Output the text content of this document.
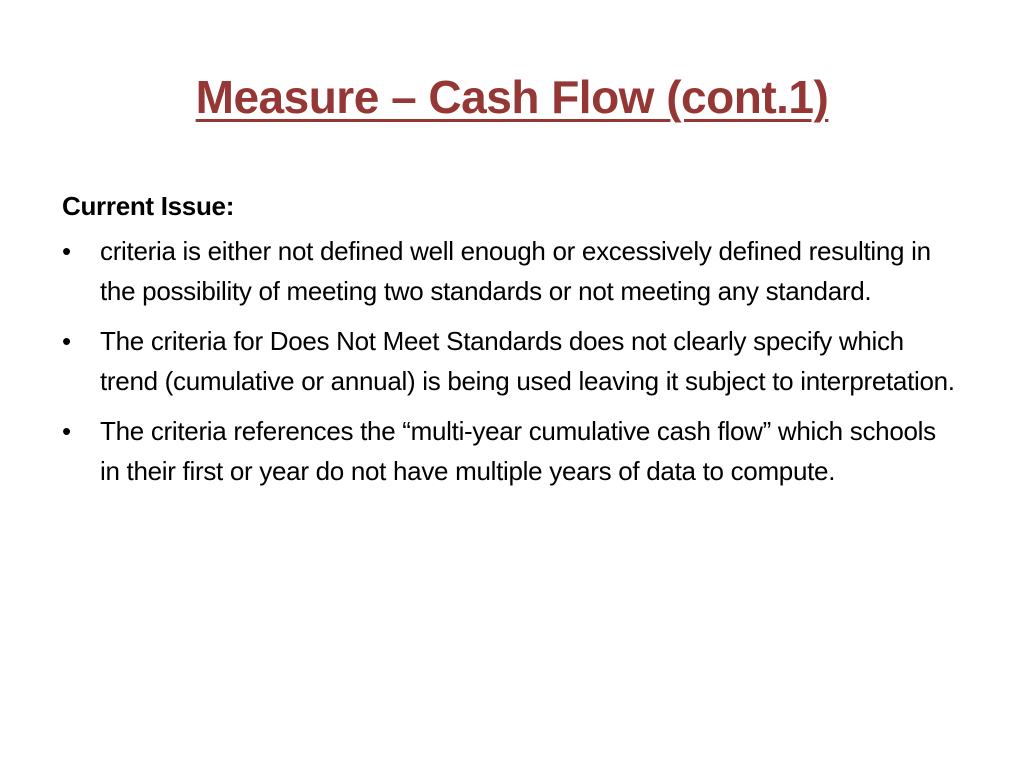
Measure – Cash Flow (cont.1)
Current Issue:
•	criteria is either not defined well enough or excessively defined resulting in the possibility of meeting two standards or not meeting any standard.
•	The criteria for Does Not Meet Standards does not clearly specify which trend (cumulative or annual) is being used leaving it subject to interpretation.
•	The criteria references the “multi-year cumulative cash flow” which schools in their first or year do not have multiple years of data to compute.
